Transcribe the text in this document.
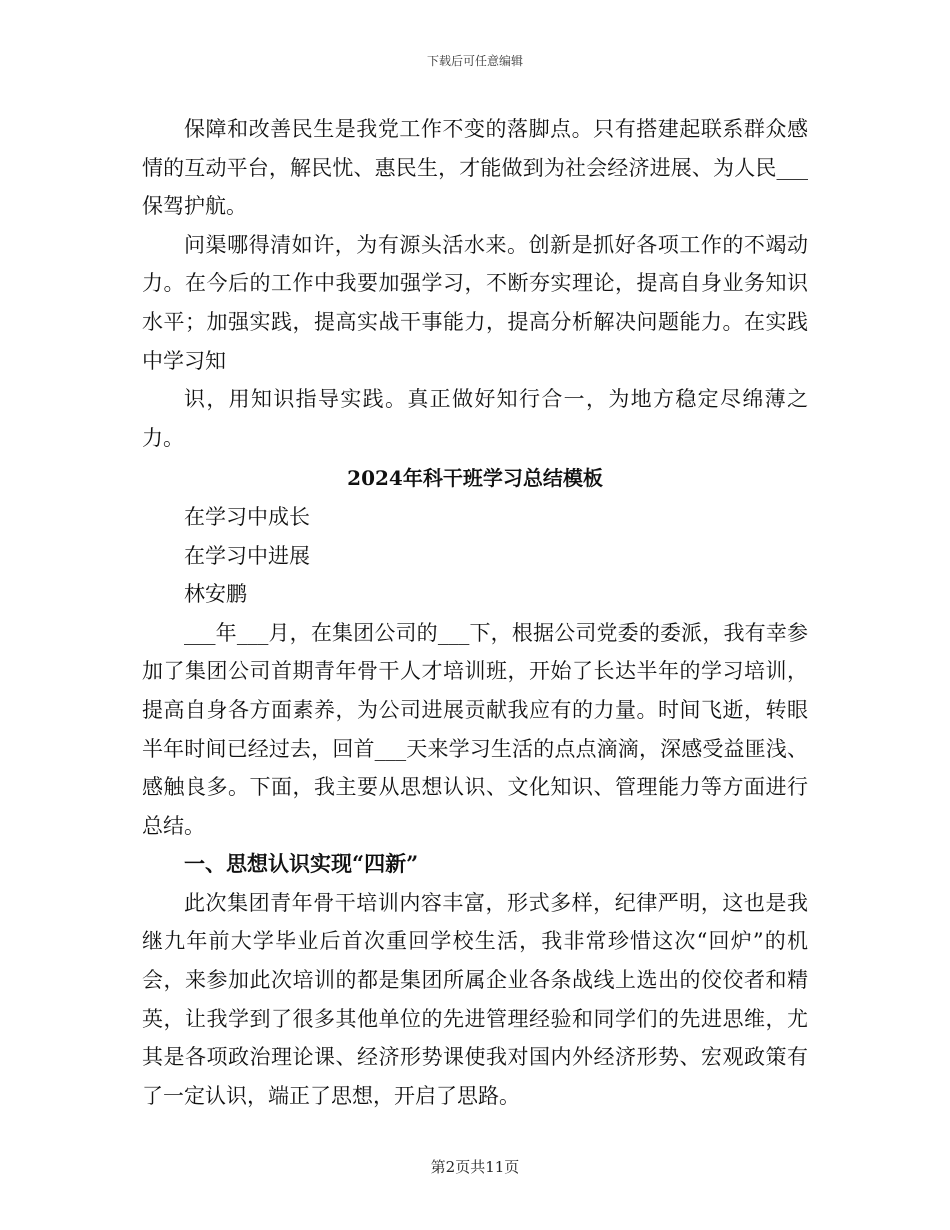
下载后可任意编辑

保障和改善民生是我党工作不变的落脚点。只有搭建起联系群众感情的互动平台，解民忧、惠民生，才能做到为社会经济进展、为人民___保驾护航。

问渠哪得清如许，为有源头活水来。创新是抓好各项工作的不竭动力。在今后的工作中我要加强学习，不断夯实理论，提高自身业务知识水平；加强实践，提高实战干事能力，提高分析解决问题能力。在实践中学习知

识，用知识指导实践。真正做好知行合一，为地方稳定尽绵薄之力。

2024年科干班学习总结模板

在学习中成长

在学习中进展

林安鹏

___年___月，在集团公司的___下，根据公司党委的委派，我有幸参加了集团公司首期青年骨干人才培训班，开始了长达半年的学习培训，提高自身各方面素养，为公司进展贡献我应有的力量。时间飞逝，转眼半年时间已经过去，回首___天来学习生活的点点滴滴，深感受益匪浅、感触良多。下面，我主要从思想认识、文化知识、管理能力等方面进行总结。

一、思想认识实现“四新”

此次集团青年骨干培训内容丰富，形式多样，纪律严明，这也是我继九年前大学毕业后首次重回学校生活，我非常珍惜这次“回炉”的机会，来参加此次培训的都是集团所属企业各条战线上选出的佼佼者和精英，让我学到了很多其他单位的先进管理经验和同学们的先进思维，尤其是各项政治理论课、经济形势课使我对国内外经济形势、宏观政策有了一定认识，端正了思想，开启了思路。

第2页共11页
